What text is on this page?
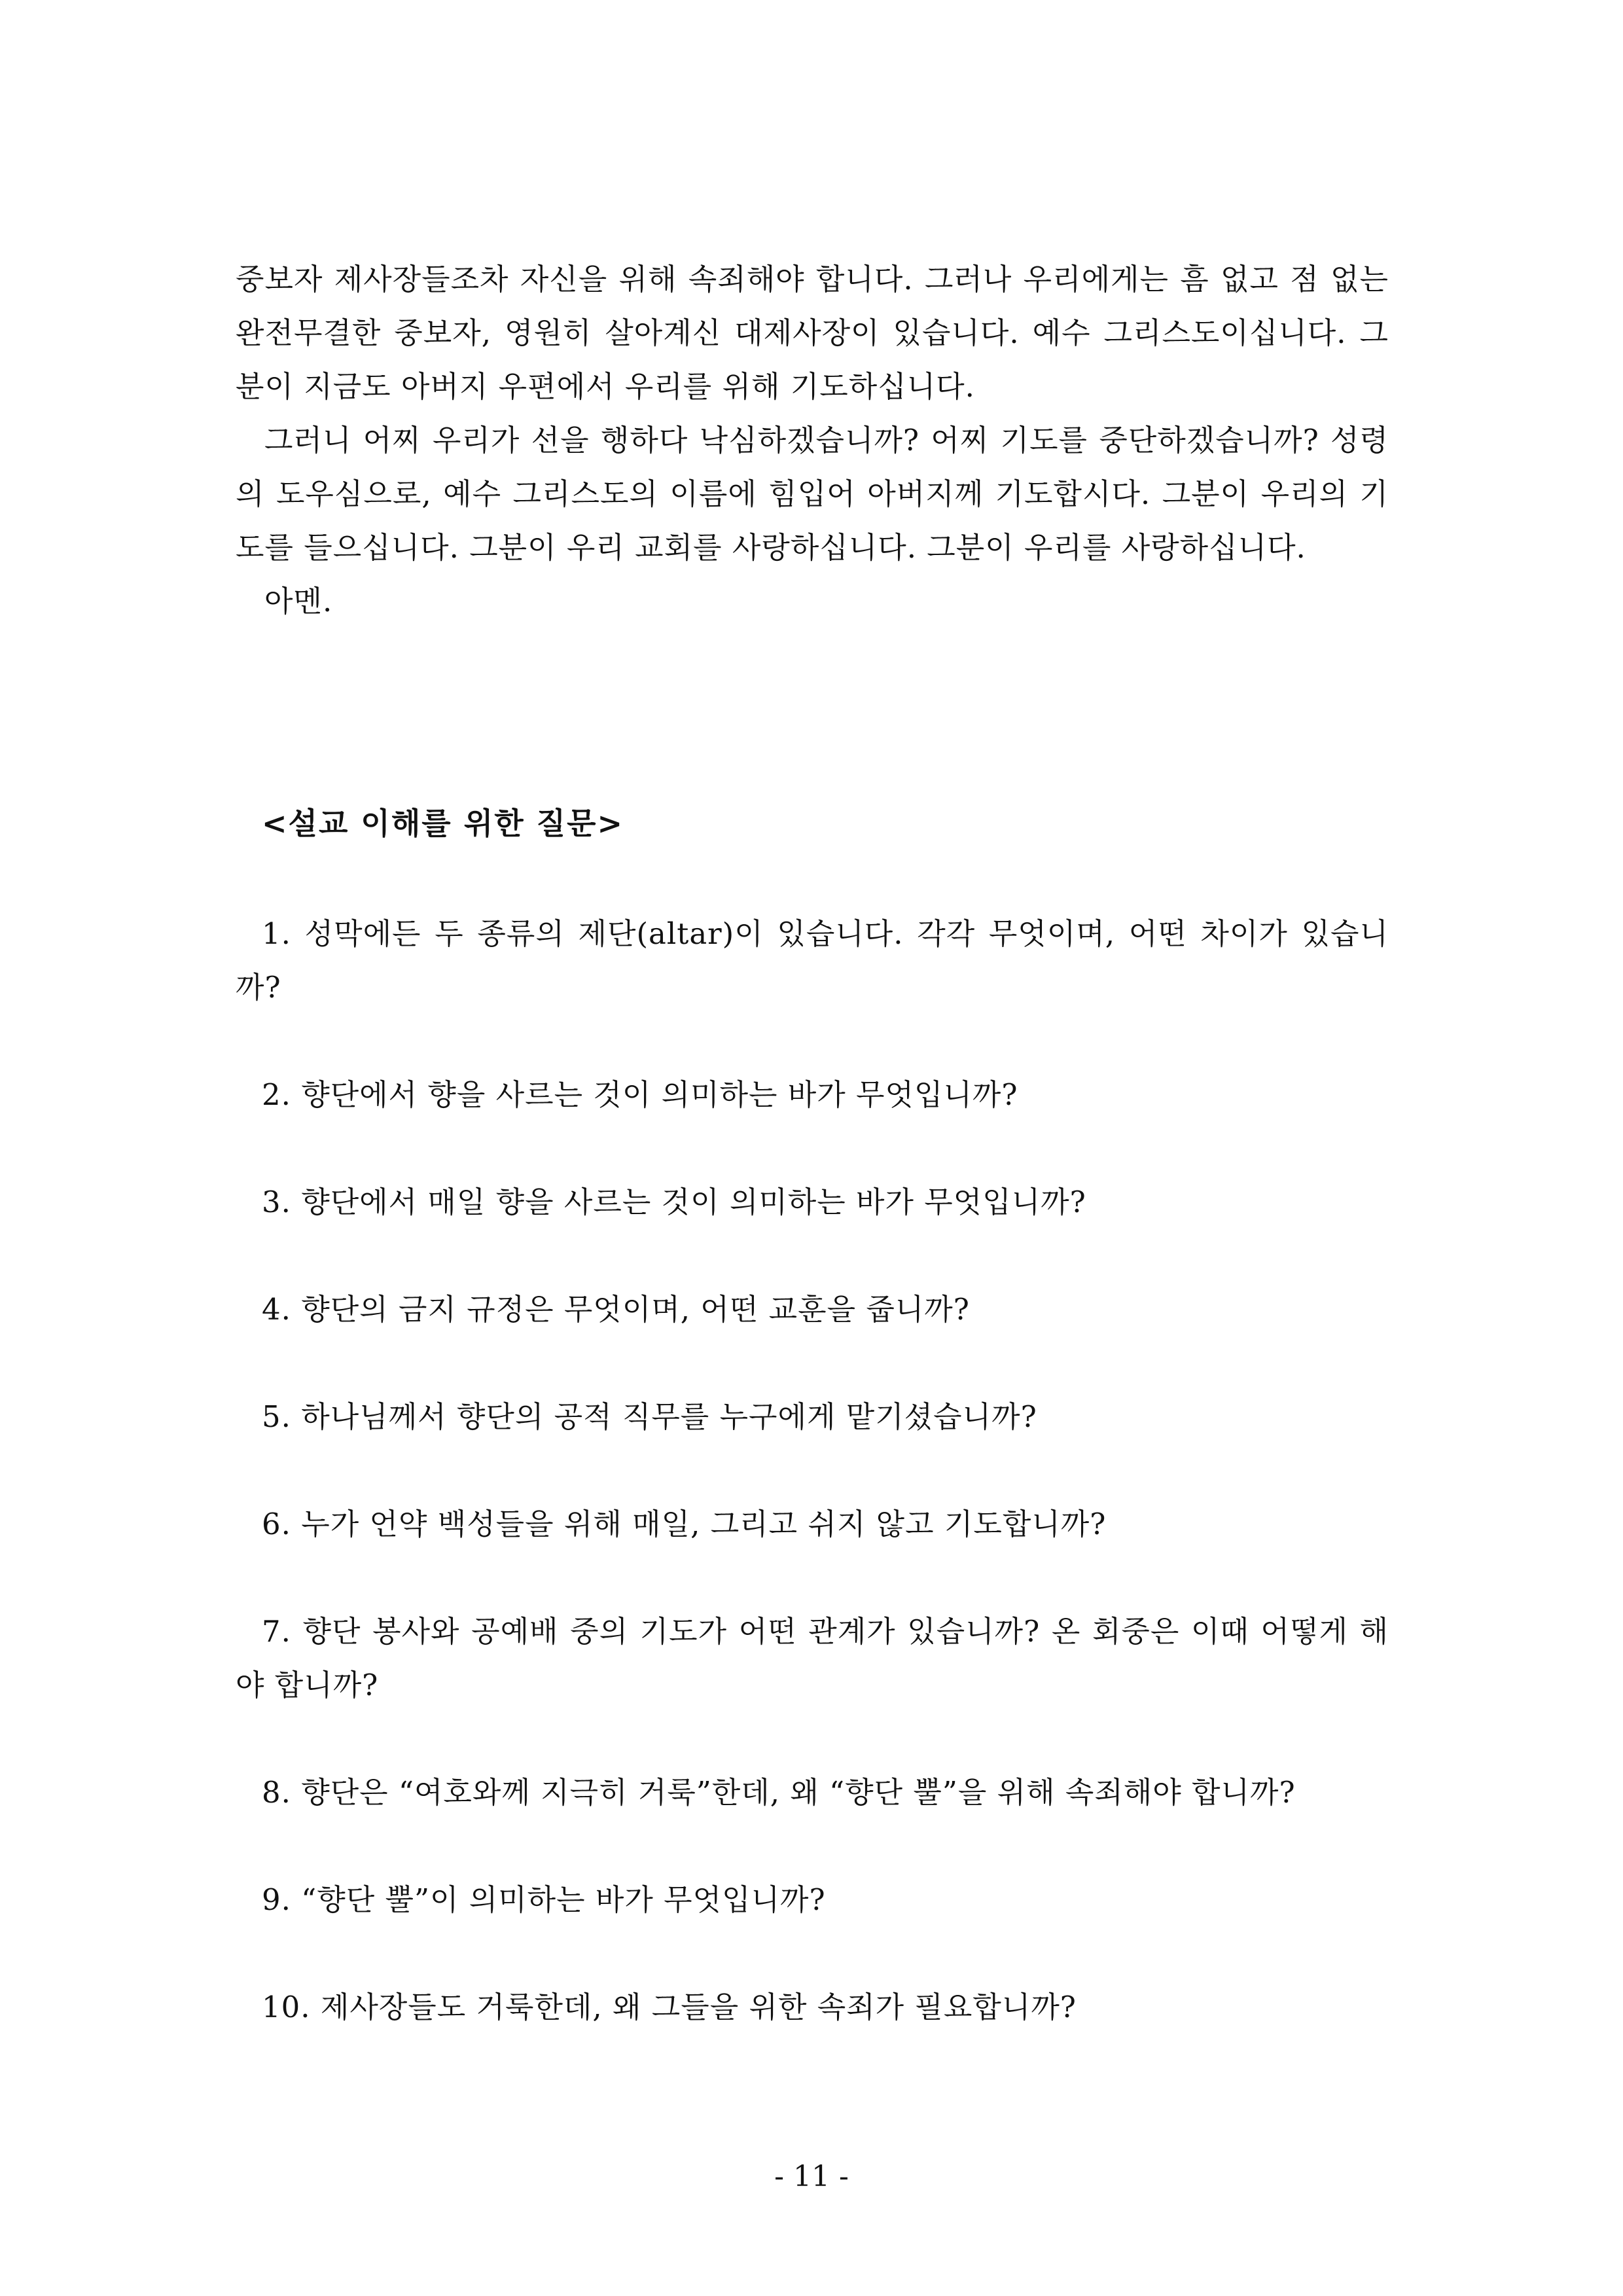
중보자 제사장들조차 자신을 위해 속죄해야 합니다. 그러나 우리에게는 흠 없고 점 없는 완전무결한 중보자, 영원히 살아계신 대제사장이 있습니다. 예수 그리스도이십니다. 그분이 지금도 아버지 우편에서 우리를 위해 기도하십니다.

그러니 어찌 우리가 선을 행하다 낙심하겠습니까? 어찌 기도를 중단하겠습니까? 성령의 도우심으로, 예수 그리스도의 이름에 힘입어 아버지께 기도합시다. 그분이 우리의 기도를 들으십니다. 그분이 우리 교회를 사랑하십니다. 그분이 우리를 사랑하십니다.

아멘.

<설교 이해를 위한 질문>

1. 성막에든 두 종류의 제단(altar)이 있습니다. 각각 무엇이며, 어떤 차이가 있습니까?

2. 향단에서 향을 사르는 것이 의미하는 바가 무엇입니까?

3. 향단에서 매일 향을 사르는 것이 의미하는 바가 무엇입니까?

4. 향단의 금지 규정은 무엇이며, 어떤 교훈을 줍니까?

5. 하나님께서 향단의 공적 직무를 누구에게 맡기셨습니까?

6. 누가 언약 백성들을 위해 매일, 그리고 쉬지 않고 기도합니까?

7. 향단 봉사와 공예배 중의 기도가 어떤 관계가 있습니까? 온 회중은 이때 어떻게 해야 합니까?

8. 향단은 “여호와께 지극히 거룩”한데, 왜 “향단 뿔”을 위해 속죄해야 합니까?

9. “향단 뿔”이 의미하는 바가 무엇입니까?

10. 제사장들도 거룩한데, 왜 그들을 위한 속죄가 필요합니까?

- 11 -
